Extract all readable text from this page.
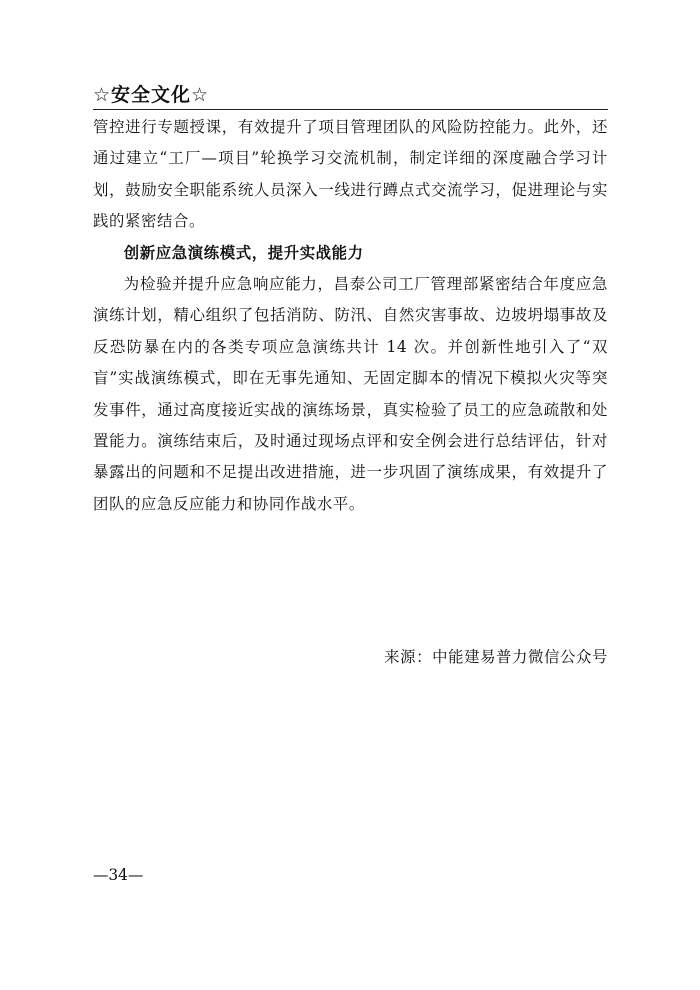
☆安全文化☆

管控进行专题授课，有效提升了项目管理团队的风险防控能力。此外，还通过建立“工厂—项目”轮换学习交流机制，制定详细的深度融合学习计划，鼓励安全职能系统人员深入一线进行蹲点式交流学习，促进理论与实践的紧密结合。

创新应急演练模式，提升实战能力

为检验并提升应急响应能力，昌泰公司工厂管理部紧密结合年度应急演练计划，精心组织了包括消防、防汛、自然灾害事故、边坡坍塌事故及反恐防暴在内的各类专项应急演练共计 14 次。并创新性地引入了“双盲”实战演练模式，即在无事先通知、无固定脚本的情况下模拟火灾等突发事件，通过高度接近实战的演练场景，真实检验了员工的应急疏散和处置能力。演练结束后，及时通过现场点评和安全例会进行总结评估，针对暴露出的问题和不足提出改进措施，进一步巩固了演练成果，有效提升了团队的应急反应能力和协同作战水平。

来源：中能建易普力微信公众号
—34—
